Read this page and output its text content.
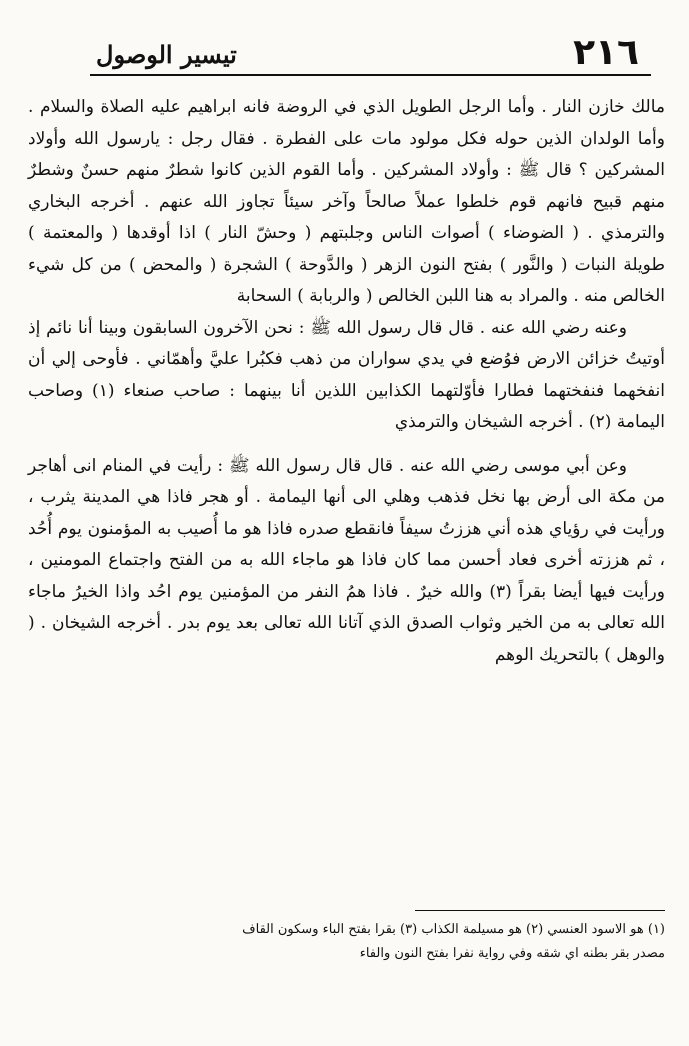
٢١٦
تيسير الوصول

مالك خازن النار . وأما الرجل الطويل الذي في الروضة فانه ابراهيم عليه الصلاة والسلام . وأما الولدان الذين حوله فكل مولود مات على الفطرة . فقال رجل : يارسول الله وأولاد المشركين ؟ قال ﷺ : وأولاد المشركين . وأما القوم الذين كانوا شطرٌ منهم حسنٌ وشطرٌ منهم قبيح فانهم قوم خلطوا عملاً صالحاً وآخر سيئاً تجاوز الله عنهم . أخرجه البخاري والترمذي . ( الضوضاء ) أصوات الناس وجلبتهم ( وحشّ النار ) اذا أوقدها ( والمعتمة ) طويلة النبات ( والنَّور ) بفتح النون الزهر ( والدَّوحة ) الشجرة ( والمحض ) من كل شيء الخالص منه . والمراد به هنا اللبن الخالص ( والربابة ) السحابة

وعنه رضي الله عنه . قال قال رسول الله ﷺ : نحن الآخرون السابقون وبينا أنا نائم إذ أوتيتُ خزائن الارض فوُضع في يدي سواران من ذهب فكبُرا عليَّ وأهمّاني . فأوحى إلي أن انفخهما فنفختهما فطارا فأوّلتهما الكذابين اللذين أنا بينهما : صاحب صنعاء (١) وصاحب اليمامة (٢) . أخرجه الشيخان والترمذي

وعن أبي موسى رضي الله عنه . قال قال رسول الله ﷺ : رأيت في المنام انى أهاجر من مكة الى أرض بها نخل فذهب وهلي الى أنها اليمامة . أو هجر فاذا هي المدينة يثرب ، ورأيت في رؤياي هذه أني هززتُ سيفاً فانقطع صدره فاذا هو ما أُصيب به المؤمنون يوم أُحُد ، ثم هززته أخرى فعاد أحسن مما كان فاذا هو ماجاء الله به من الفتح واجتماع المومنين ، ورأيت فيها أيضا بقراً (٣) والله خيرٌ . فاذا همُ النفر من المؤمنين يوم احُد واذا الخيرُ ماجاء الله تعالى به من الخير وثواب الصدق الذي آتانا الله تعالى بعد يوم بدر . أخرجه الشيخان . ( والوهل ) بالتحريك الوهم

(١) هو الاسود العنسي (٢) هو مسيلمة الكذاب (٣) بقرا بفتح الباء وسكون القاف

مصدر بقر بطنه اي شقه وفي رواية نفرا بفتح النون والفاء
